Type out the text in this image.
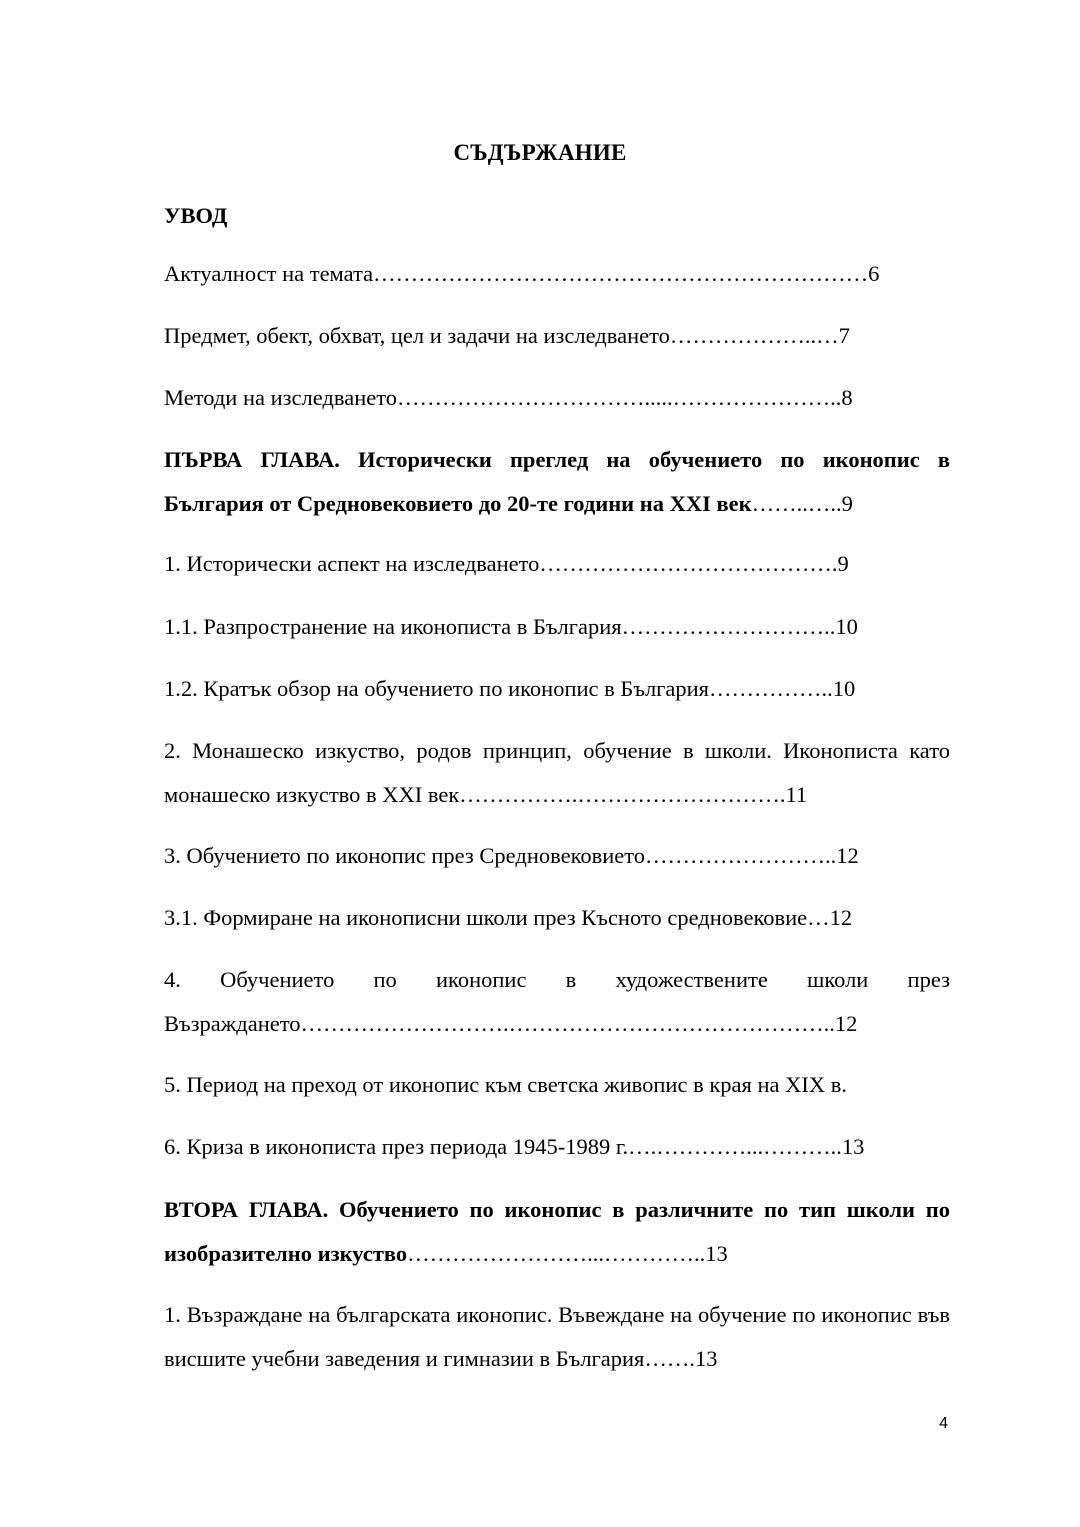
СЪДЪРЖАНИЕ
УВОД
Актуалност на темата…………………………………………………………6
Предмет, обект, обхват, цел и задачи на изследването………………..…7
Методи на изследването…………………………….....…………………..8
ПЪРВА ГЛАВА. Исторически преглед на обучението по иконопис в България от Средновековието до 20-те години на XXI век……..…..9
1. Исторически аспект на изследването………………………………….9
1.1. Разпространение на иконописта в България………………………..10
1.2. Кратък обзор на обучението по иконопис в България……………..10
2. Монашеско изкуство, родов принцип, обучение в школи. Иконописта като монашеско изкуство в XXI век…………….……………………….11
3. Обучението по иконопис през Средновековието……………………..12
3.1. Формиране на иконописни школи през Късното средновековие…12
4. Обучението по иконопис в художествените школи през Възраждането……………………….……………………………………..12
5. Период на преход от иконопис към светска живопис в края на XIX в.
6. Криза в иконописта през периода 1945-1989 г.….…………...………..13
ВТОРА ГЛАВА. Обучението по иконопис в различните по тип школи по изобразително изкуство……………………...…………..13
1. Възраждане на българската иконопис. Въвеждане на обучение по иконопис във висшите учебни заведения и гимназии в България…….13
4
